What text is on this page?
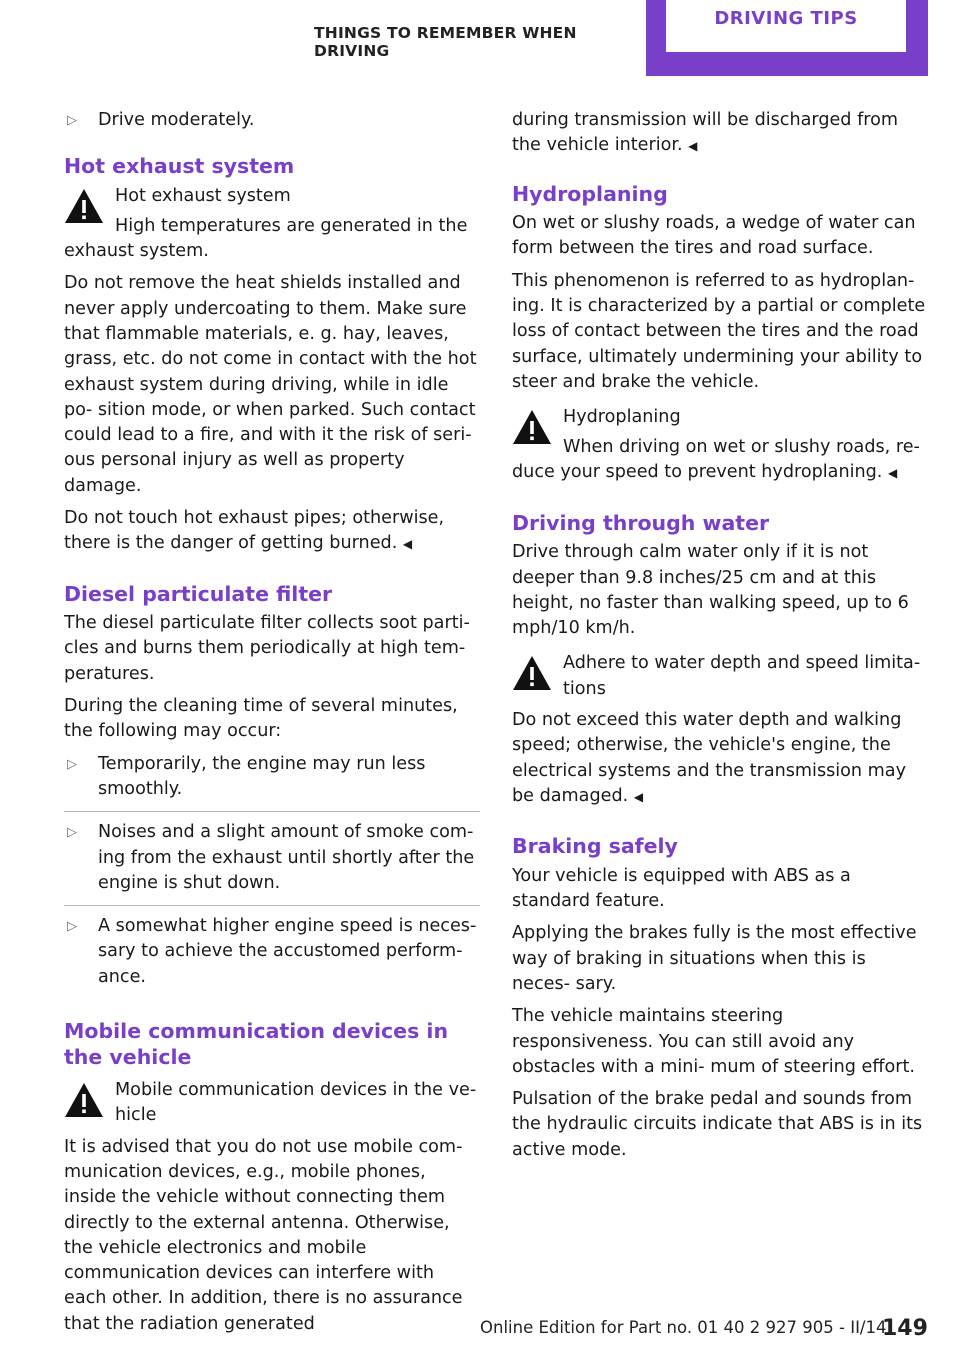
THINGS TO REMEMBER WHEN DRIVING
DRIVING TIPS
▷ Drive moderately.
Hot exhaust system
Hot exhaust system

High temperatures are generated in the exhaust system.

Do not remove the heat shields installed and never apply undercoating to them. Make sure that flammable materials, e. g. hay, leaves, grass, etc. do not come in contact with the hot exhaust system during driving, while in idle po‐ sition mode, or when parked. Such contact could lead to a fire, and with it the risk of seri‐ ous personal injury as well as property damage.

Do not touch hot exhaust pipes; otherwise, there is the danger of getting burned. ◀

Diesel particulate filter

The diesel particulate filter collects soot parti‐ cles and burns them periodically at high tem‐ peratures.

During the cleaning time of several minutes, the following may occur:

▷ Temporarily, the engine may run less smoothly.
▷ Noises and a slight amount of smoke com‐ ing from the exhaust until shortly after the engine is shut down.
▷ A somewhat higher engine speed is neces‐ sary to achieve the accustomed perform‐ ance.
Mobile communication devices in the vehicle
Mobile communication devices in the ve‐ hicle

It is advised that you do not use mobile com‐ munication devices, e.g., mobile phones, inside the vehicle without connecting them directly to the external antenna. Otherwise, the vehicle electronics and mobile communication devices can interfere with each other. In addition, there is no assurance that the radiation generated

during transmission will be discharged from the vehicle interior. ◀

Hydroplaning

On wet or slushy roads, a wedge of water can form between the tires and road surface.

This phenomenon is referred to as hydroplan‐ ing. It is characterized by a partial or complete loss of contact between the tires and the road surface, ultimately undermining your ability to steer and brake the vehicle.

Hydroplaning

When driving on wet or slushy roads, re‐ duce your speed to prevent hydroplaning. ◀

Driving through water

Drive through calm water only if it is not deeper than 9.8 inches/25 cm and at this height, no faster than walking speed, up to 6 mph/10 km/h.

Adhere to water depth and speed limita‐ tions

Do not exceed this water depth and walking speed; otherwise, the vehicle's engine, the electrical systems and the transmission may be damaged. ◀

Braking safely

Your vehicle is equipped with ABS as a standard feature.

Applying the brakes fully is the most effective way of braking in situations when this is neces‐ sary.

The vehicle maintains steering responsiveness. You can still avoid any obstacles with a mini‐ mum of steering effort.

Pulsation of the brake pedal and sounds from the hydraulic circuits indicate that ABS is in its active mode.

Online Edition for Part no. 01 40 2 927 905 - II/14
149
